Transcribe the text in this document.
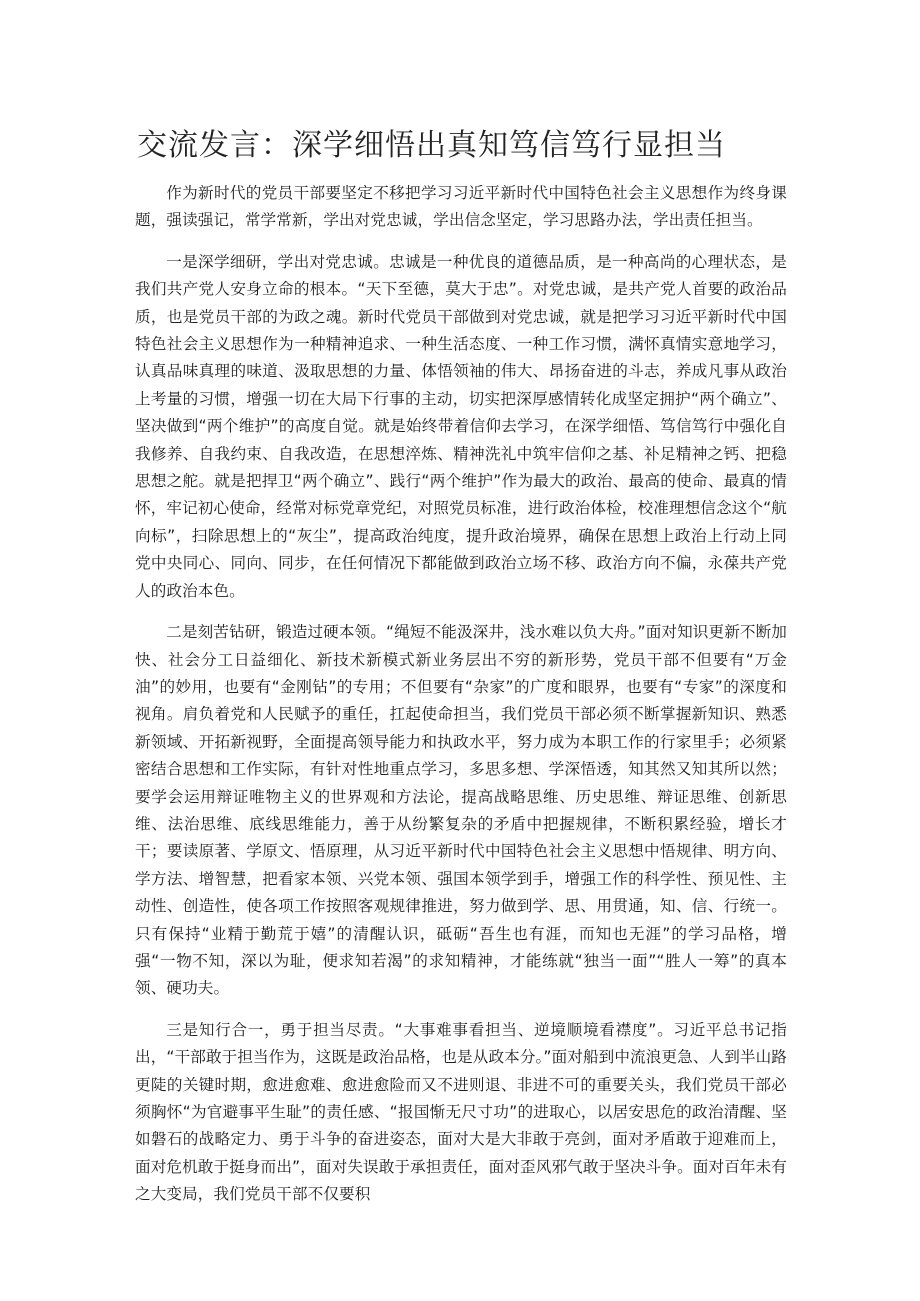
交流发言：深学细悟出真知笃信笃行显担当

作为新时代的党员干部要坚定不移把学习习近平新时代中国特色社会主义思想作为终身课题，强读强记，常学常新，学出对党忠诚，学出信念坚定，学习思路办法，学出责任担当。

一是深学细研，学出对党忠诚。忠诚是一种优良的道德品质，是一种高尚的心理状态，是我们共产党人安身立命的根本。“天下至德，莫大于忠”。对党忠诚，是共产党人首要的政治品质，也是党员干部的为政之魂。新时代党员干部做到对党忠诚，就是把学习习近平新时代中国特色社会主义思想作为一种精神追求、一种生活态度、一种工作习惯，满怀真情实意地学习，认真品味真理的味道、汲取思想的力量、体悟领袖的伟大、昂扬奋进的斗志，养成凡事从政治上考量的习惯，增强一切在大局下行事的主动，切实把深厚感情转化成坚定拥护“两个确立”、坚决做到“两个维护”的高度自觉。就是始终带着信仰去学习，在深学细悟、笃信笃行中强化自我修养、自我约束、自我改造，在思想淬炼、精神洗礼中筑牢信仰之基、补足精神之钙、把稳思想之舵。就是把捍卫“两个确立”、践行“两个维护”作为最大的政治、最高的使命、最真的情怀，牢记初心使命，经常对标党章党纪，对照党员标准，进行政治体检，校准理想信念这个“航向标”，扫除思想上的“灰尘”，提高政治纯度，提升政治境界，确保在思想上政治上行动上同党中央同心、同向、同步，在任何情况下都能做到政治立场不移、政治方向不偏，永葆共产党人的政治本色。

二是刻苦钻研，锻造过硬本领。“绳短不能汲深井，浅水难以负大舟。”面对知识更新不断加快、社会分工日益细化、新技术新模式新业务层出不穷的新形势，党员干部不但要有“万金油”的妙用，也要有“金刚钻”的专用；不但要有“杂家”的广度和眼界，也要有“专家”的深度和视角。肩负着党和人民赋予的重任，扛起使命担当，我们党员干部必须不断掌握新知识、熟悉新领域、开拓新视野，全面提高领导能力和执政水平，努力成为本职工作的行家里手；必须紧密结合思想和工作实际，有针对性地重点学习，多思多想、学深悟透，知其然又知其所以然；要学会运用辩证唯物主义的世界观和方法论，提高战略思维、历史思维、辩证思维、创新思维、法治思维、底线思维能力，善于从纷繁复杂的矛盾中把握规律，不断积累经验，增长才干；要读原著、学原文、悟原理，从习近平新时代中国特色社会主义思想中悟规律、明方向、学方法、增智慧，把看家本领、兴党本领、强国本领学到手，增强工作的科学性、预见性、主动性、创造性，使各项工作按照客观规律推进，努力做到学、思、用贯通，知、信、行统一。只有保持“业精于勤荒于嬉”的清醒认识，砥砺“吾生也有涯，而知也无涯”的学习品格，增强“一物不知，深以为耻，便求知若渴”的求知精神，才能练就“独当一面”“胜人一筹”的真本领、硬功夫。

三是知行合一，勇于担当尽责。“大事难事看担当、逆境顺境看襟度”。习近平总书记指出，“干部敢于担当作为，这既是政治品格，也是从政本分。”面对船到中流浪更急、人到半山路更陡的关键时期，愈进愈难、愈进愈险而又不进则退、非进不可的重要关头，我们党员干部必须胸怀“为官避事平生耻”的责任感、“报国惭无尺寸功”的进取心，以居安思危的政治清醒、坚如磐石的战略定力、勇于斗争的奋进姿态，面对大是大非敢于亮剑，面对矛盾敢于迎难而上，面对危机敢于挺身而出”，面对失误敢于承担责任，面对歪风邪气敢于坚决斗争。面对百年未有之大变局，我们党员干部不仅要积
